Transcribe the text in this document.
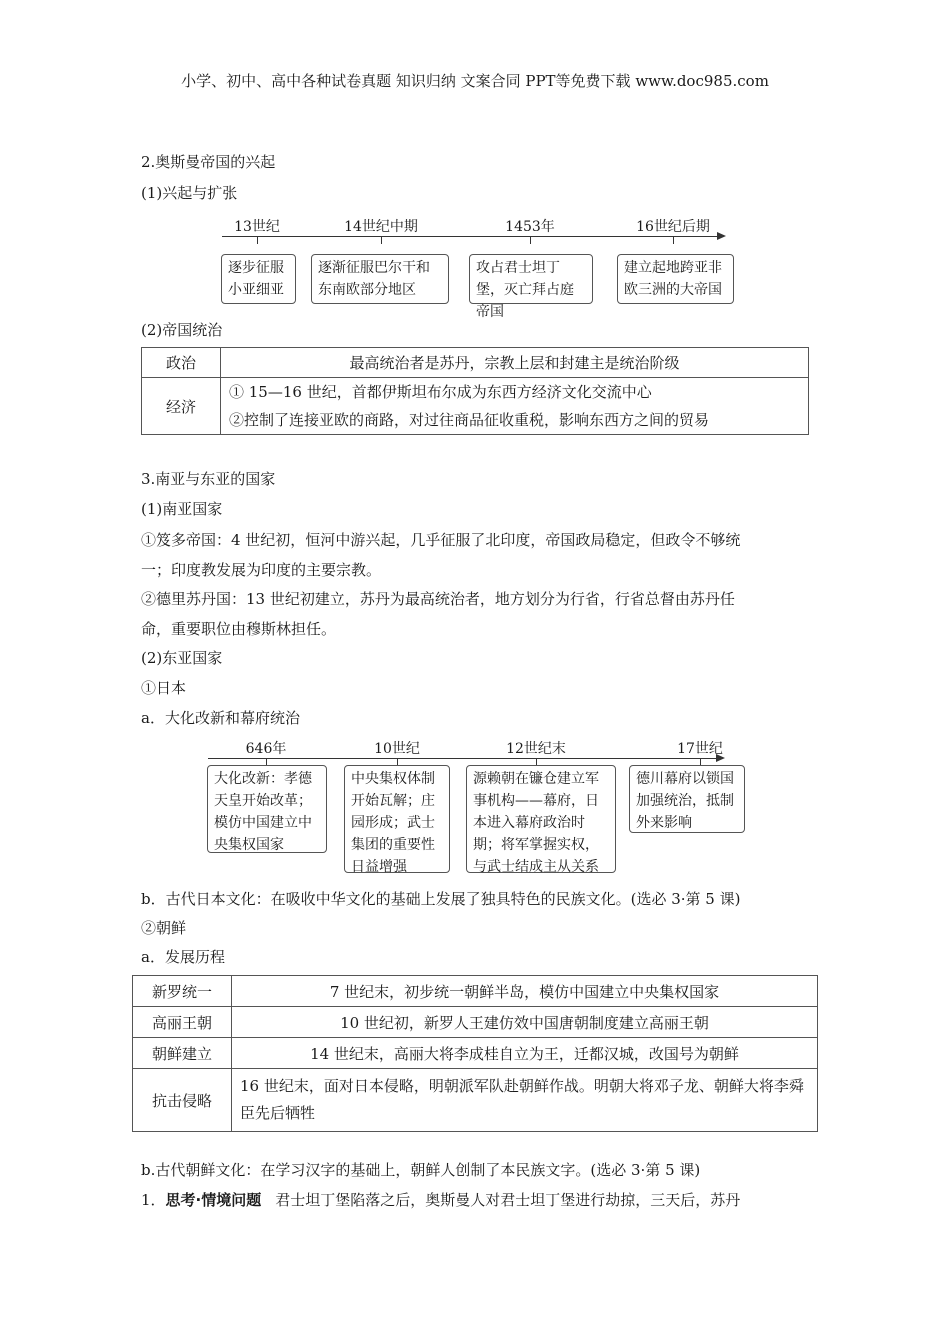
小学、初中、高中各种试卷真题 知识归纳 文案合同 PPT等免费下载 www.doc985.com
2.奥斯曼帝国的兴起
(1)兴起与扩张
13世纪
逐步征服小亚细亚
14世纪中期
逐渐征服巴尔干和东南欧部分地区
1453年
攻占君士坦丁堡，灭亡拜占庭帝国
16世纪后期
建立起地跨亚非欧三洲的大帝国
(2)帝国统治
政治	最高统治者是苏丹，宗教上层和封建主是统治阶级
经济	① 15—16 世纪，首都伊斯坦布尔成为东西方经济文化交流中心
②控制了连接亚欧的商路，对过往商品征收重税，影响东西方之间的贸易
3.南亚与东亚的国家
(1)南亚国家
①笈多帝国：4 世纪初，恒河中游兴起，几乎征服了北印度，帝国政局稳定，但政令不够统
一；印度教发展为印度的主要宗教。
②德里苏丹国：13 世纪初建立，苏丹为最高统治者，地方划分为行省，行省总督由苏丹任
命，重要职位由穆斯林担任。
(2)东亚国家
①日本
a．大化改新和幕府统治
646年
大化改新：孝德天皇开始改革；模仿中国建立中央集权国家
10世纪
中央集权体制开始瓦解；庄园形成；武士集团的重要性日益增强
12世纪末
源赖朝在镰仓建立军事机构——幕府，日本进入幕府政治时期；将军掌握实权，与武士结成主从关系
17世纪
德川幕府以锁国加强统治，抵制外来影响
b．古代日本文化：在吸收中华文化的基础上发展了独具特色的民族文化。(选必 3·第 5 课)
②朝鲜
a．发展历程
新罗统一	7 世纪末，初步统一朝鲜半岛，模仿中国建立中央集权国家
高丽王朝	10 世纪初，新罗人王建仿效中国唐朝制度建立高丽王朝
朝鲜建立	14 世纪末，高丽大将李成桂自立为王，迁都汉城，改国号为朝鲜
抗击侵略	16 世纪末，面对日本侵略，明朝派军队赴朝鲜作战。明朝大将邓子龙、朝鲜大将李舜臣先后牺牲
b.古代朝鲜文化：在学习汉字的基础上，朝鲜人创制了本民族文字。(选必 3·第 5 课)
1．思考·情境问题 君士坦丁堡陷落之后，奥斯曼人对君士坦丁堡进行劫掠，三天后，苏丹
